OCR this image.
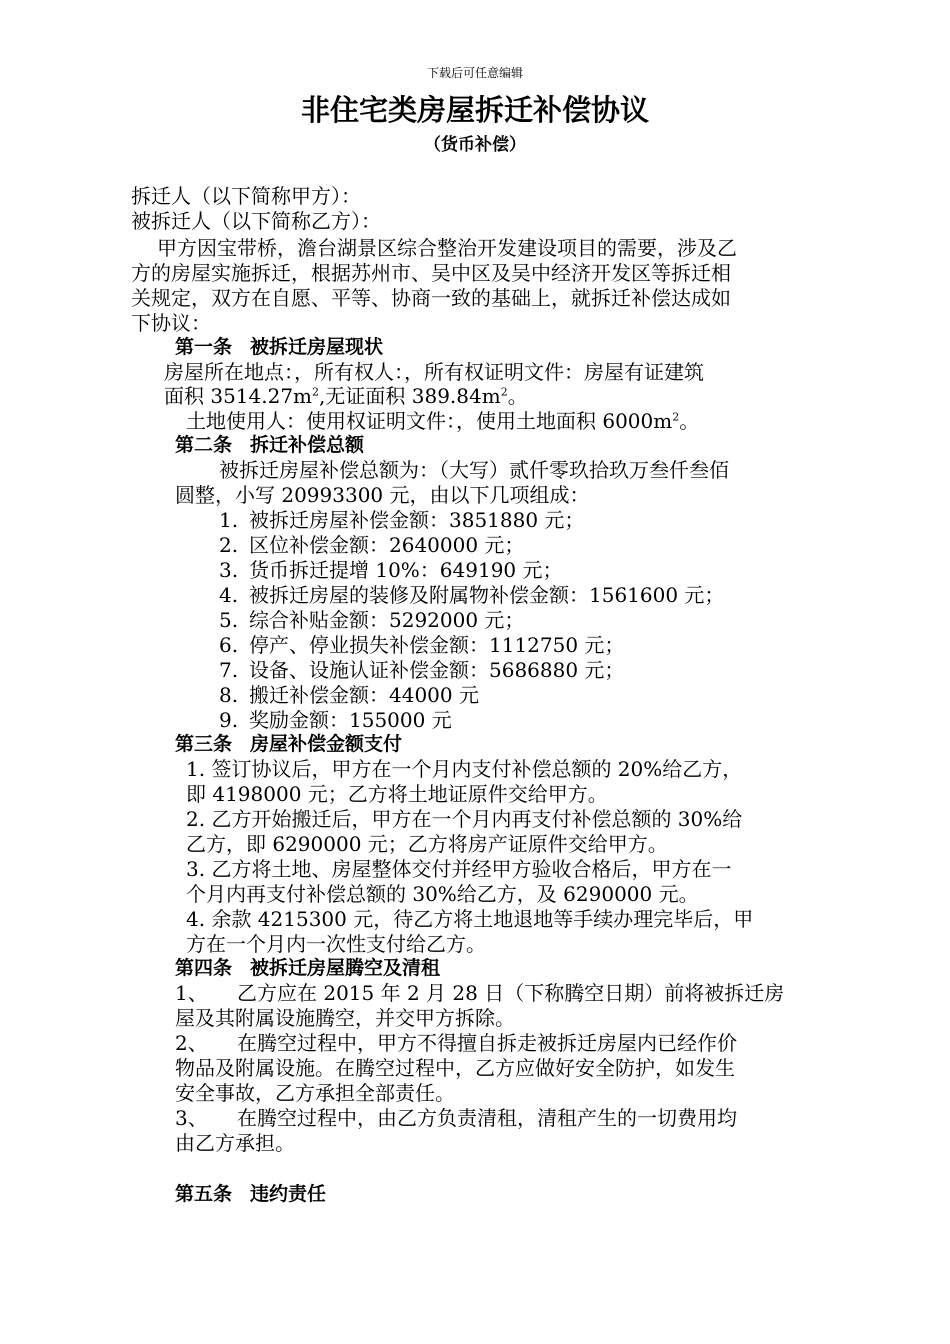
下载后可任意编辑
非住宅类房屋拆迁补偿协议
（货币补偿）
拆迁人（以下简称甲方）：
被拆迁人（以下简称乙方）：
甲方因宝带桥，澹台湖景区综合整治开发建设项目的需要，涉及乙
方的房屋实施拆迁，根据苏州市、吴中区及吴中经济开发区等拆迁相
关规定，双方在自愿、平等、协商一致的基础上，就拆迁补偿达成如
下协议：
第一条 被拆迁房屋现状
房屋所在地点：，所有权人：，所有权证明文件：房屋有证建筑
面积 $3514.27m^2$,无证面积 $389.84m^2$。
土地使用人：使用权证明文件：，使用土地面积 $6000m^2$。
第二条 拆迁补偿总额
被拆迁房屋补偿总额为：（大写）贰仟零玖拾玖万叁仟叁佰
圆整，小写 20993300 元，由以下几项组成：
1. 被拆迁房屋补偿金额：3851880 元；
2. 区位补偿金额：2640000 元；
3. 货币拆迁提增 10%：649190 元；
4. 被拆迁房屋的装修及附属物补偿金额：1561600 元；
5. 综合补贴金额：5292000 元；
6. 停产、停业损失补偿金额：1112750 元；
7. 设备、设施认证补偿金额：5686880 元；
8. 搬迁补偿金额：44000 元
9. 奖励金额：155000 元
第三条 房屋补偿金额支付
1. 签订协议后，甲方在一个月内支付补偿总额的 20%给乙方，
即 4198000 元；乙方将土地证原件交给甲方。
2. 乙方开始搬迁后，甲方在一个月内再支付补偿总额的 30%给
乙方，即 6290000 元；乙方将房产证原件交给甲方。
3. 乙方将土地、房屋整体交付并经甲方验收合格后，甲方在一
个月内再支付补偿总额的 30%给乙方，及 6290000 元。
4. 余款 4215300 元，待乙方将土地退地等手续办理完毕后，甲
方在一个月内一次性支付给乙方。
第四条 被拆迁房屋腾空及清租
1、 乙方应在 2015 年 2 月 28 日（下称腾空日期）前将被拆迁房
屋及其附属设施腾空，并交甲方拆除。
2、 在腾空过程中，甲方不得擅自拆走被拆迁房屋内已经作价
物品及附属设施。在腾空过程中，乙方应做好安全防护，如发生
安全事故，乙方承担全部责任。
3、 在腾空过程中，由乙方负责清租，清租产生的一切费用均
由乙方承担。
第五条 违约责任
